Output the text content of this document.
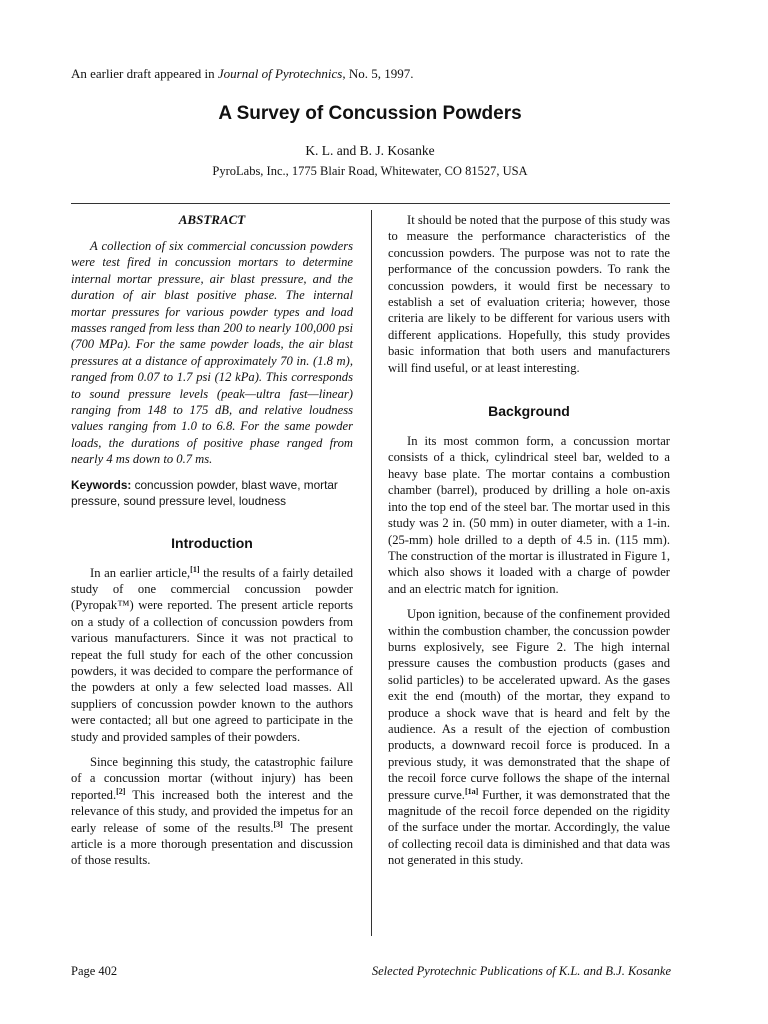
An earlier draft appeared in Journal of Pyrotechnics, No. 5, 1997.
A Survey of Concussion Powders
K. L. and B. J. Kosanke
PyroLabs, Inc., 1775 Blair Road, Whitewater, CO 81527, USA
ABSTRACT

A collection of six commercial concussion powders were test fired in concussion mortars to determine internal mortar pressure, air blast pressure, and the duration of air blast positive phase. The internal mortar pressures for various powder types and load masses ranged from less than 200 to nearly 100,000 psi (700 MPa). For the same powder loads, the air blast pressures at a distance of approximately 70 in. (1.8 m), ranged from 0.07 to 1.7 psi (12 kPa). This corresponds to sound pressure levels (peak—ultra fast—linear) ranging from 148 to 175 dB, and relative loudness values ranging from 1.0 to 6.8. For the same powder loads, the durations of positive phase ranged from nearly 4 ms down to 0.7 ms.

Keywords: concussion powder, blast wave, mortar pressure, sound pressure level, loudness

Introduction

In an earlier article,[1] the results of a fairly detailed study of one commercial concussion powder (Pyropak™) were reported. The present article reports on a study of a collection of concussion powders from various manufacturers. Since it was not practical to repeat the full study for each of the other concussion powders, it was decided to compare the performance of the powders at only a few selected load masses. All suppliers of concussion powder known to the authors were contacted; all but one agreed to participate in the study and provided samples of their powders.

Since beginning this study, the catastrophic failure of a concussion mortar (without injury) has been reported.[2] This increased both the interest and the relevance of this study, and provided the impetus for an early release of some of the results.[3] The present article is a more thorough presentation and discussion of those results.

It should be noted that the purpose of this study was to measure the performance characteristics of the concussion powders. The purpose was not to rate the performance of the concussion powders. To rank the concussion powders, it would first be necessary to establish a set of evaluation criteria; however, those criteria are likely to be different for various users with different applications. Hopefully, this study provides basic information that both users and manufacturers will find useful, or at least interesting.

Background

In its most common form, a concussion mortar consists of a thick, cylindrical steel bar, welded to a heavy base plate. The mortar contains a combustion chamber (barrel), produced by drilling a hole on-axis into the top end of the steel bar. The mortar used in this study was 2 in. (50 mm) in outer diameter, with a 1-in. (25-mm) hole drilled to a depth of 4.5 in. (115 mm). The construction of the mortar is illustrated in Figure 1, which also shows it loaded with a charge of powder and an electric match for ignition.

Upon ignition, because of the confinement provided within the combustion chamber, the concussion powder burns explosively, see Figure 2. The high internal pressure causes the combustion products (gases and solid particles) to be accelerated upward. As the gases exit the end (mouth) of the mortar, they expand to produce a shock wave that is heard and felt by the audience. As a result of the ejection of combustion products, a downward recoil force is produced. In a previous study, it was demonstrated that the shape of the recoil force curve follows the shape of the internal pressure curve.[1a] Further, it was demonstrated that the magnitude of the recoil force depended on the rigidity of the surface under the mortar. Accordingly, the value of collecting recoil data is diminished and that data was not generated in this study.

Page 402	Selected Pyrotechnic Publications of K.L. and B.J. Kosanke
